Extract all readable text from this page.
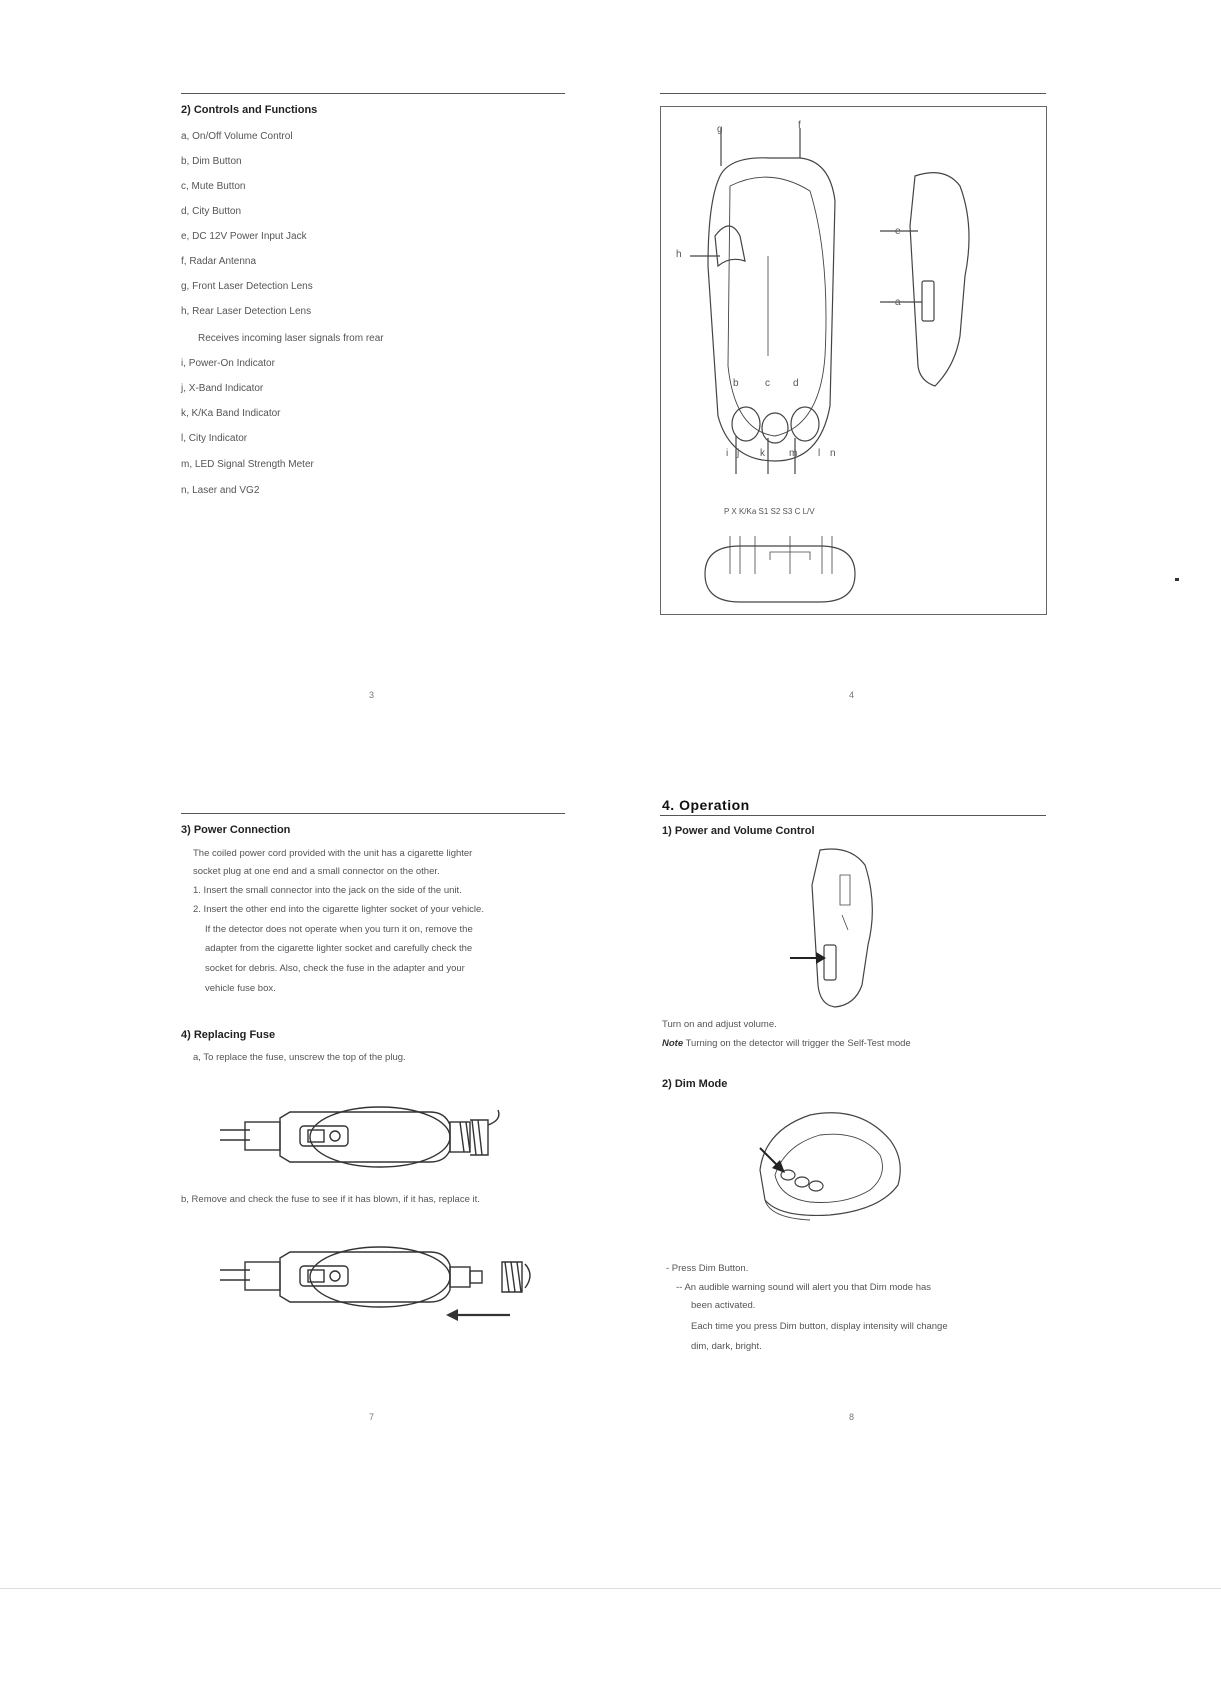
2) Controls and Functions
a, On/Off Volume Control
b, Dim Button
c, Mute Button
d, City Button
e, DC 12V Power Input Jack
f, Radar Antenna
g, Front Laser Detection Lens
h, Rear Laser Detection Lens
Receives incoming laser signals from rear
i, Power-On Indicator
j, X-Band Indicator
k, K/Ka Band Indicator
l, City Indicator
m, LED Signal Strength Meter
n, Laser and VG2
3
g	f
h
b	c d
e
a
i j k m l n
P X K/Ka S1 S2 S3 C L/V
4
3) Power Connection
The coiled power cord provided with the unit has a cigarette lighter
socket plug at one end and a small connector on the other.
1. Insert the small connector into the jack on the side of the unit.
2. Insert the other end into the cigarette lighter socket of your vehicle.
If the detector does not operate when you turn it on, remove the
adapter from the cigarette lighter socket and carefully check the
socket for debris. Also, check the fuse in the adapter and your
vehicle fuse box.
4) Replacing Fuse
a, To replace the fuse, unscrew the top of the plug.
b, Remove and check the fuse to see if it has blown, if it has, replace it.
7
4. Operation
1) Power and Volume Control
Turn on and adjust volume.
Note Turning on the detector will trigger the Self-Test mode
2) Dim Mode
- Press Dim Button.
-- An audible warning sound will alert you that Dim mode has
been activated.
Each time you press Dim button, display intensity will change
dim, dark, bright.
8
